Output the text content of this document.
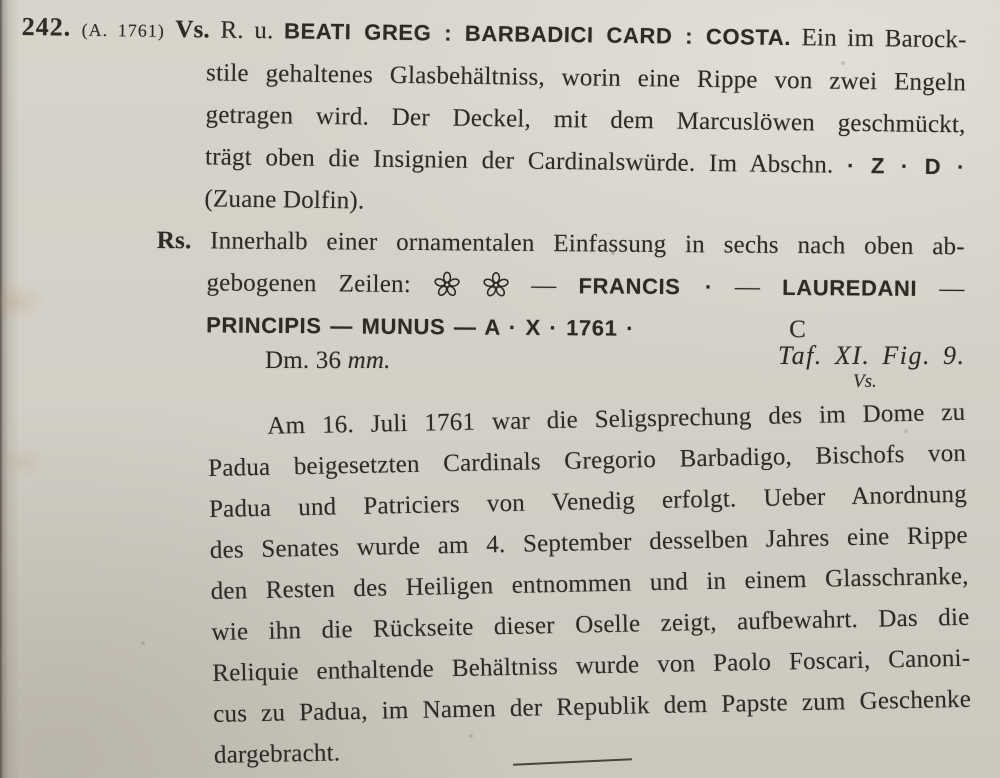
242. (A. 1761) Vs. R. u. BEATI GREG : BARBADICI CARD : COSTA. Ein im Barock-
stile gehaltenes Glasbehältniss, worin eine Rippe von zwei Engeln
getragen wird. Der Deckel, mit dem Marcuslöwen geschmückt,
trägt oben die Insignien der Cardinalswürde. Im Abschn. · Z · D ·
(Zuane Dolfin).
Rs. Innerhalb einer ornamentalen Einfassung in sechs nach oben ab-
gebogenen Zeilen:	— FRANCIS · — LAUREDANI —
PRINCIPIS — MUNUS — A · X · 1761 ·	C
Dm. 36 mm.	Taf. XI. Fig. 9.
Vs.
Am 16. Juli 1761 war die Seligsprechung des im Dome zu
Padua beigesetzten Cardinals Gregorio Barbadigo, Bischofs von
Padua und Patriciers von Venedig erfolgt. Ueber Anordnung
des Senates wurde am 4. September desselben Jahres eine Rippe
den Resten des Heiligen entnommen und in einem Glasschranke,
wie ihn die Rückseite dieser Oselle zeigt, aufbewahrt. Das die
Reliquie enthaltende Behältniss wurde von Paolo Foscari, Canoni-
cus zu Padua, im Namen der Republik dem Papste zum Geschenke
dargebracht.
